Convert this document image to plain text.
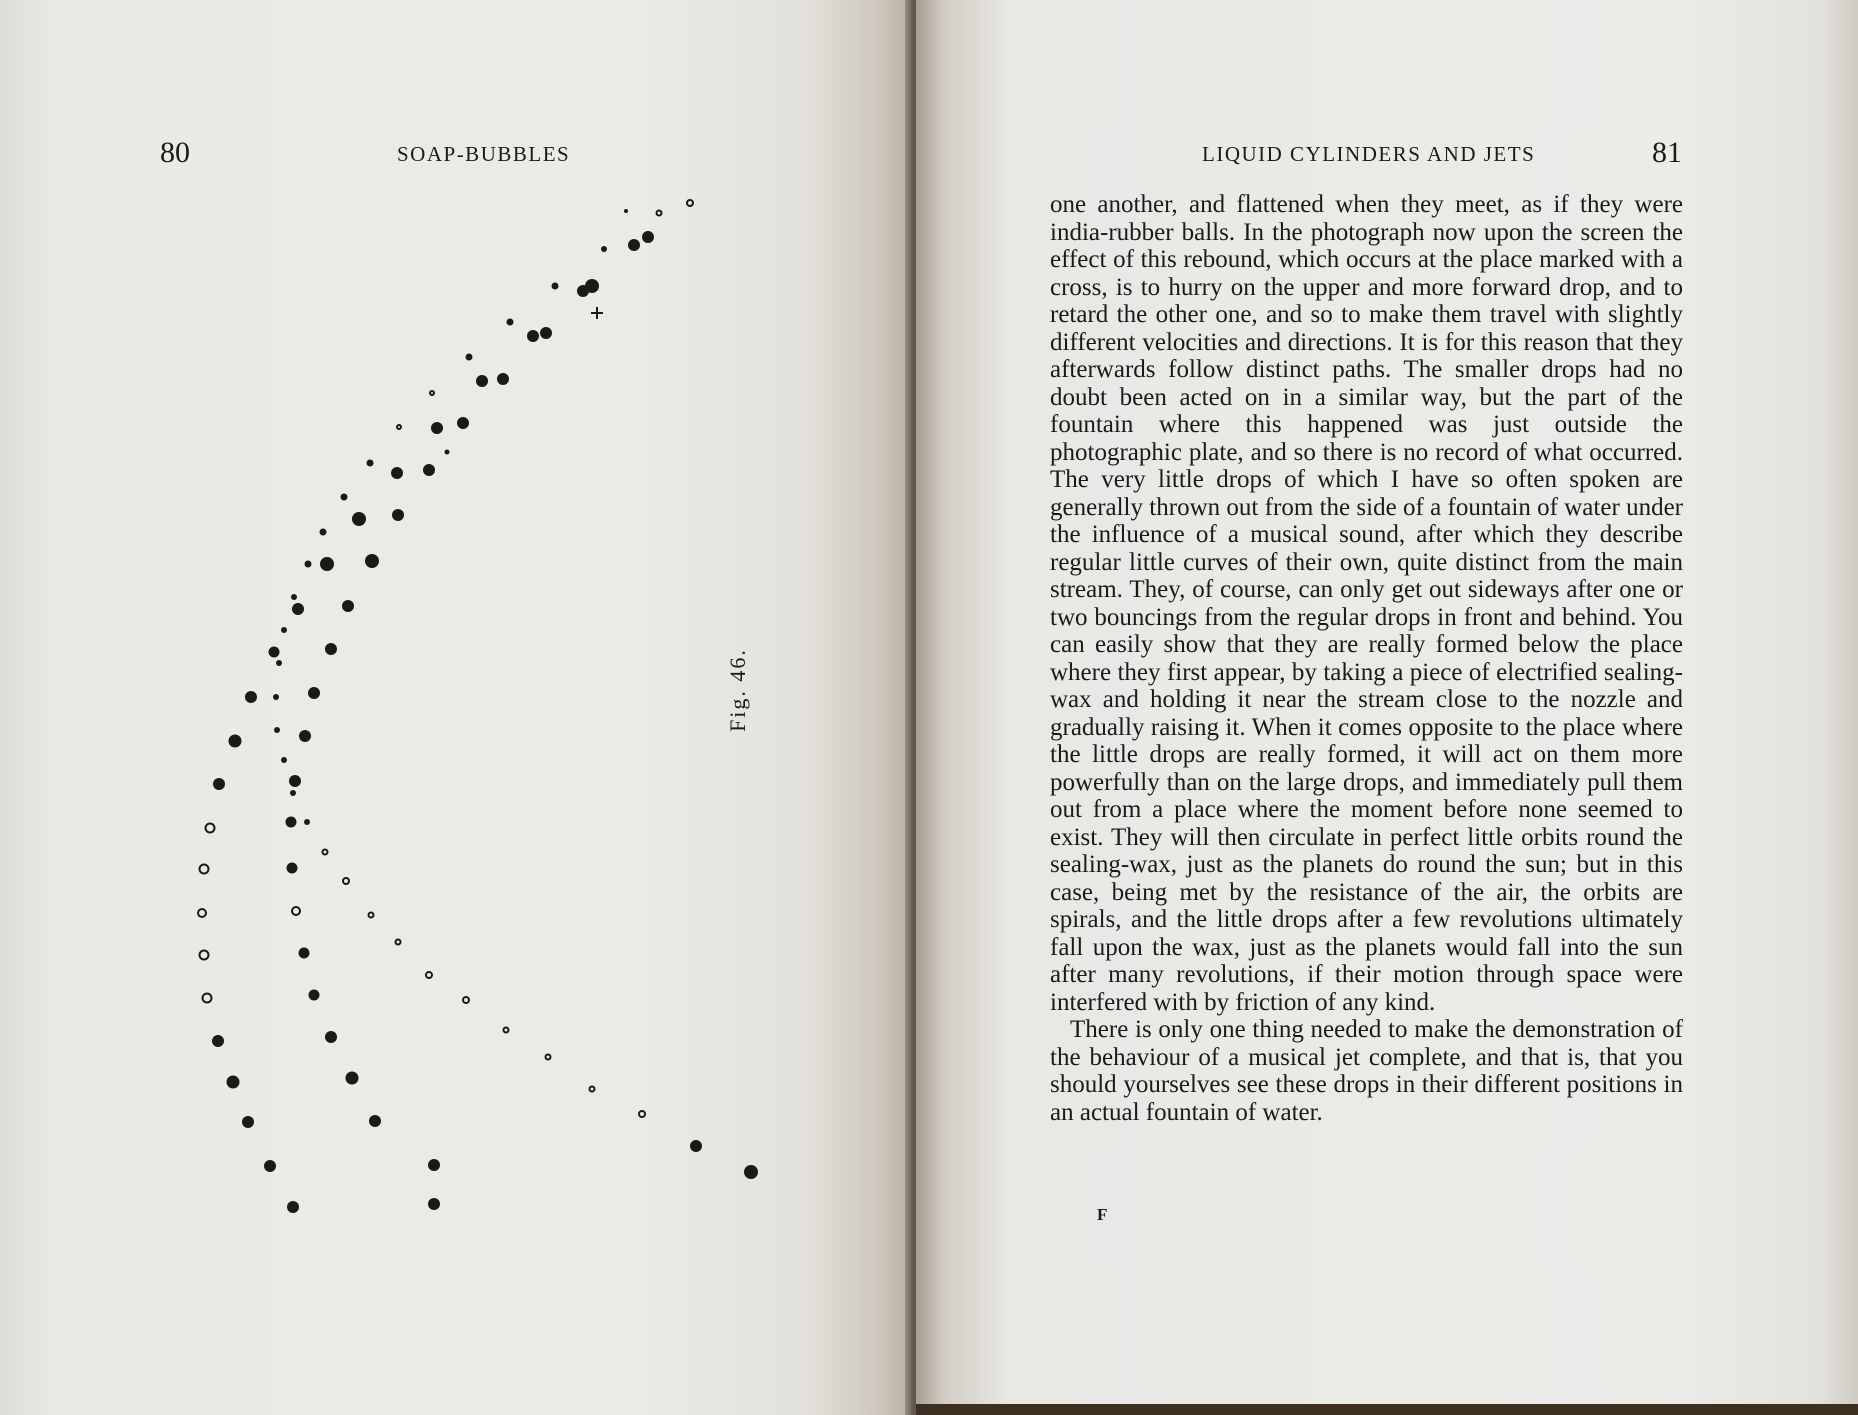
80	SOAP-BUBBLES
Fig. 46.
LIQUID CYLINDERS AND JETS	81

one another, and flattened when they meet, as if they were india-rubber balls. In the photograph now upon the screen the effect of this rebound, which occurs at the place marked with a cross, is to hurry on the upper and more forward drop, and to retard the other one, and so to make them travel with slightly different velocities and directions. It is for this reason that they afterwards follow distinct paths. The smaller drops had no doubt been acted on in a similar way, but the part of the fountain where this happened was just outside the photographic plate, and so there is no record of what occurred. The very little drops of which I have so often spoken are generally thrown out from the side of a fountain of water under the influence of a musical sound, after which they describe regular little curves of their own, quite distinct from the main stream. They, of course, can only get out sideways after one or two bouncings from the regular drops in front and behind. You can easily show that they are really formed below the place where they first appear, by taking a piece of electrified sealing-wax and holding it near the stream close to the nozzle and gradually raising it. When it comes opposite to the place where the little drops are really formed, it will act on them more powerfully than on the large drops, and immediately pull them out from a place where the moment before none seemed to exist. They will then circulate in perfect little orbits round the sealing-wax, just as the planets do round the sun; but in this case, being met by the resistance of the air, the orbits are spirals, and the little drops after a few revolutions ultimately fall upon the wax, just as the planets would fall into the sun after many revolutions, if their motion through space were interfered with by friction of any kind.

There is only one thing needed to make the demonstration of the behaviour of a musical jet complete, and that is, that you should yourselves see these drops in their different positions in an actual fountain of water.

F
